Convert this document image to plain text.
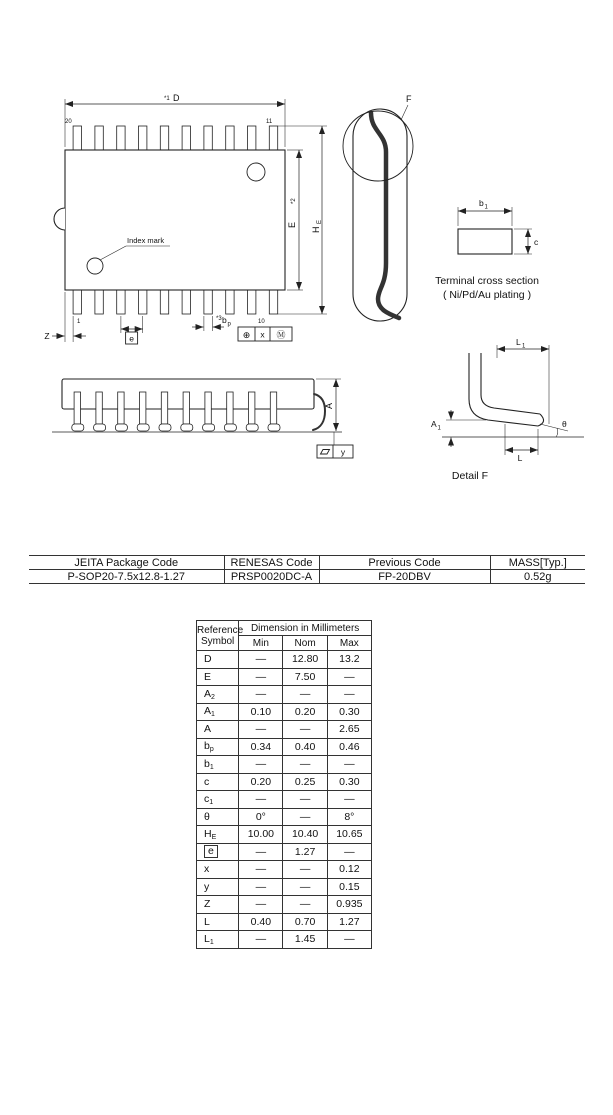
Index mark
20	11
1	10
*1 D
*2
E
H
E
Z	e
*3 b p
⊕ x Ⓜ
F
b 1
c
Terminal cross section
( Ni/Pd/Au plating )
A
y
L 1
A 1
L
θ
Detail F
JEITA Package Code	RENESAS Code	Previous Code	MASS[Typ.]
P-SOP20-7.5x12.8-1.27	PRSP0020DC-A	FP-20DBV	0.52g
Reference
Symbol	Dimension in Millimeters		
	Min	Nom	Max
D	—	12.80	13.2
E	—	7.50	—
$A_2$	—	—	—
$A_1$	0.10	0.20	0.30
A	—	—	2.65
$b_p$	0.34	0.40	0.46
$b_1$	—	—	—
c	0.20	0.25	0.30
$c_1$	—	—	—
θ	0°	—	8°
$H_E$	10.00	10.40	10.65
e	—	1.27	—
x	—	—	0.12
y	—	—	0.15
Z	—	—	0.935
L	0.40	0.70	1.27
$L_1$	—	1.45	—
